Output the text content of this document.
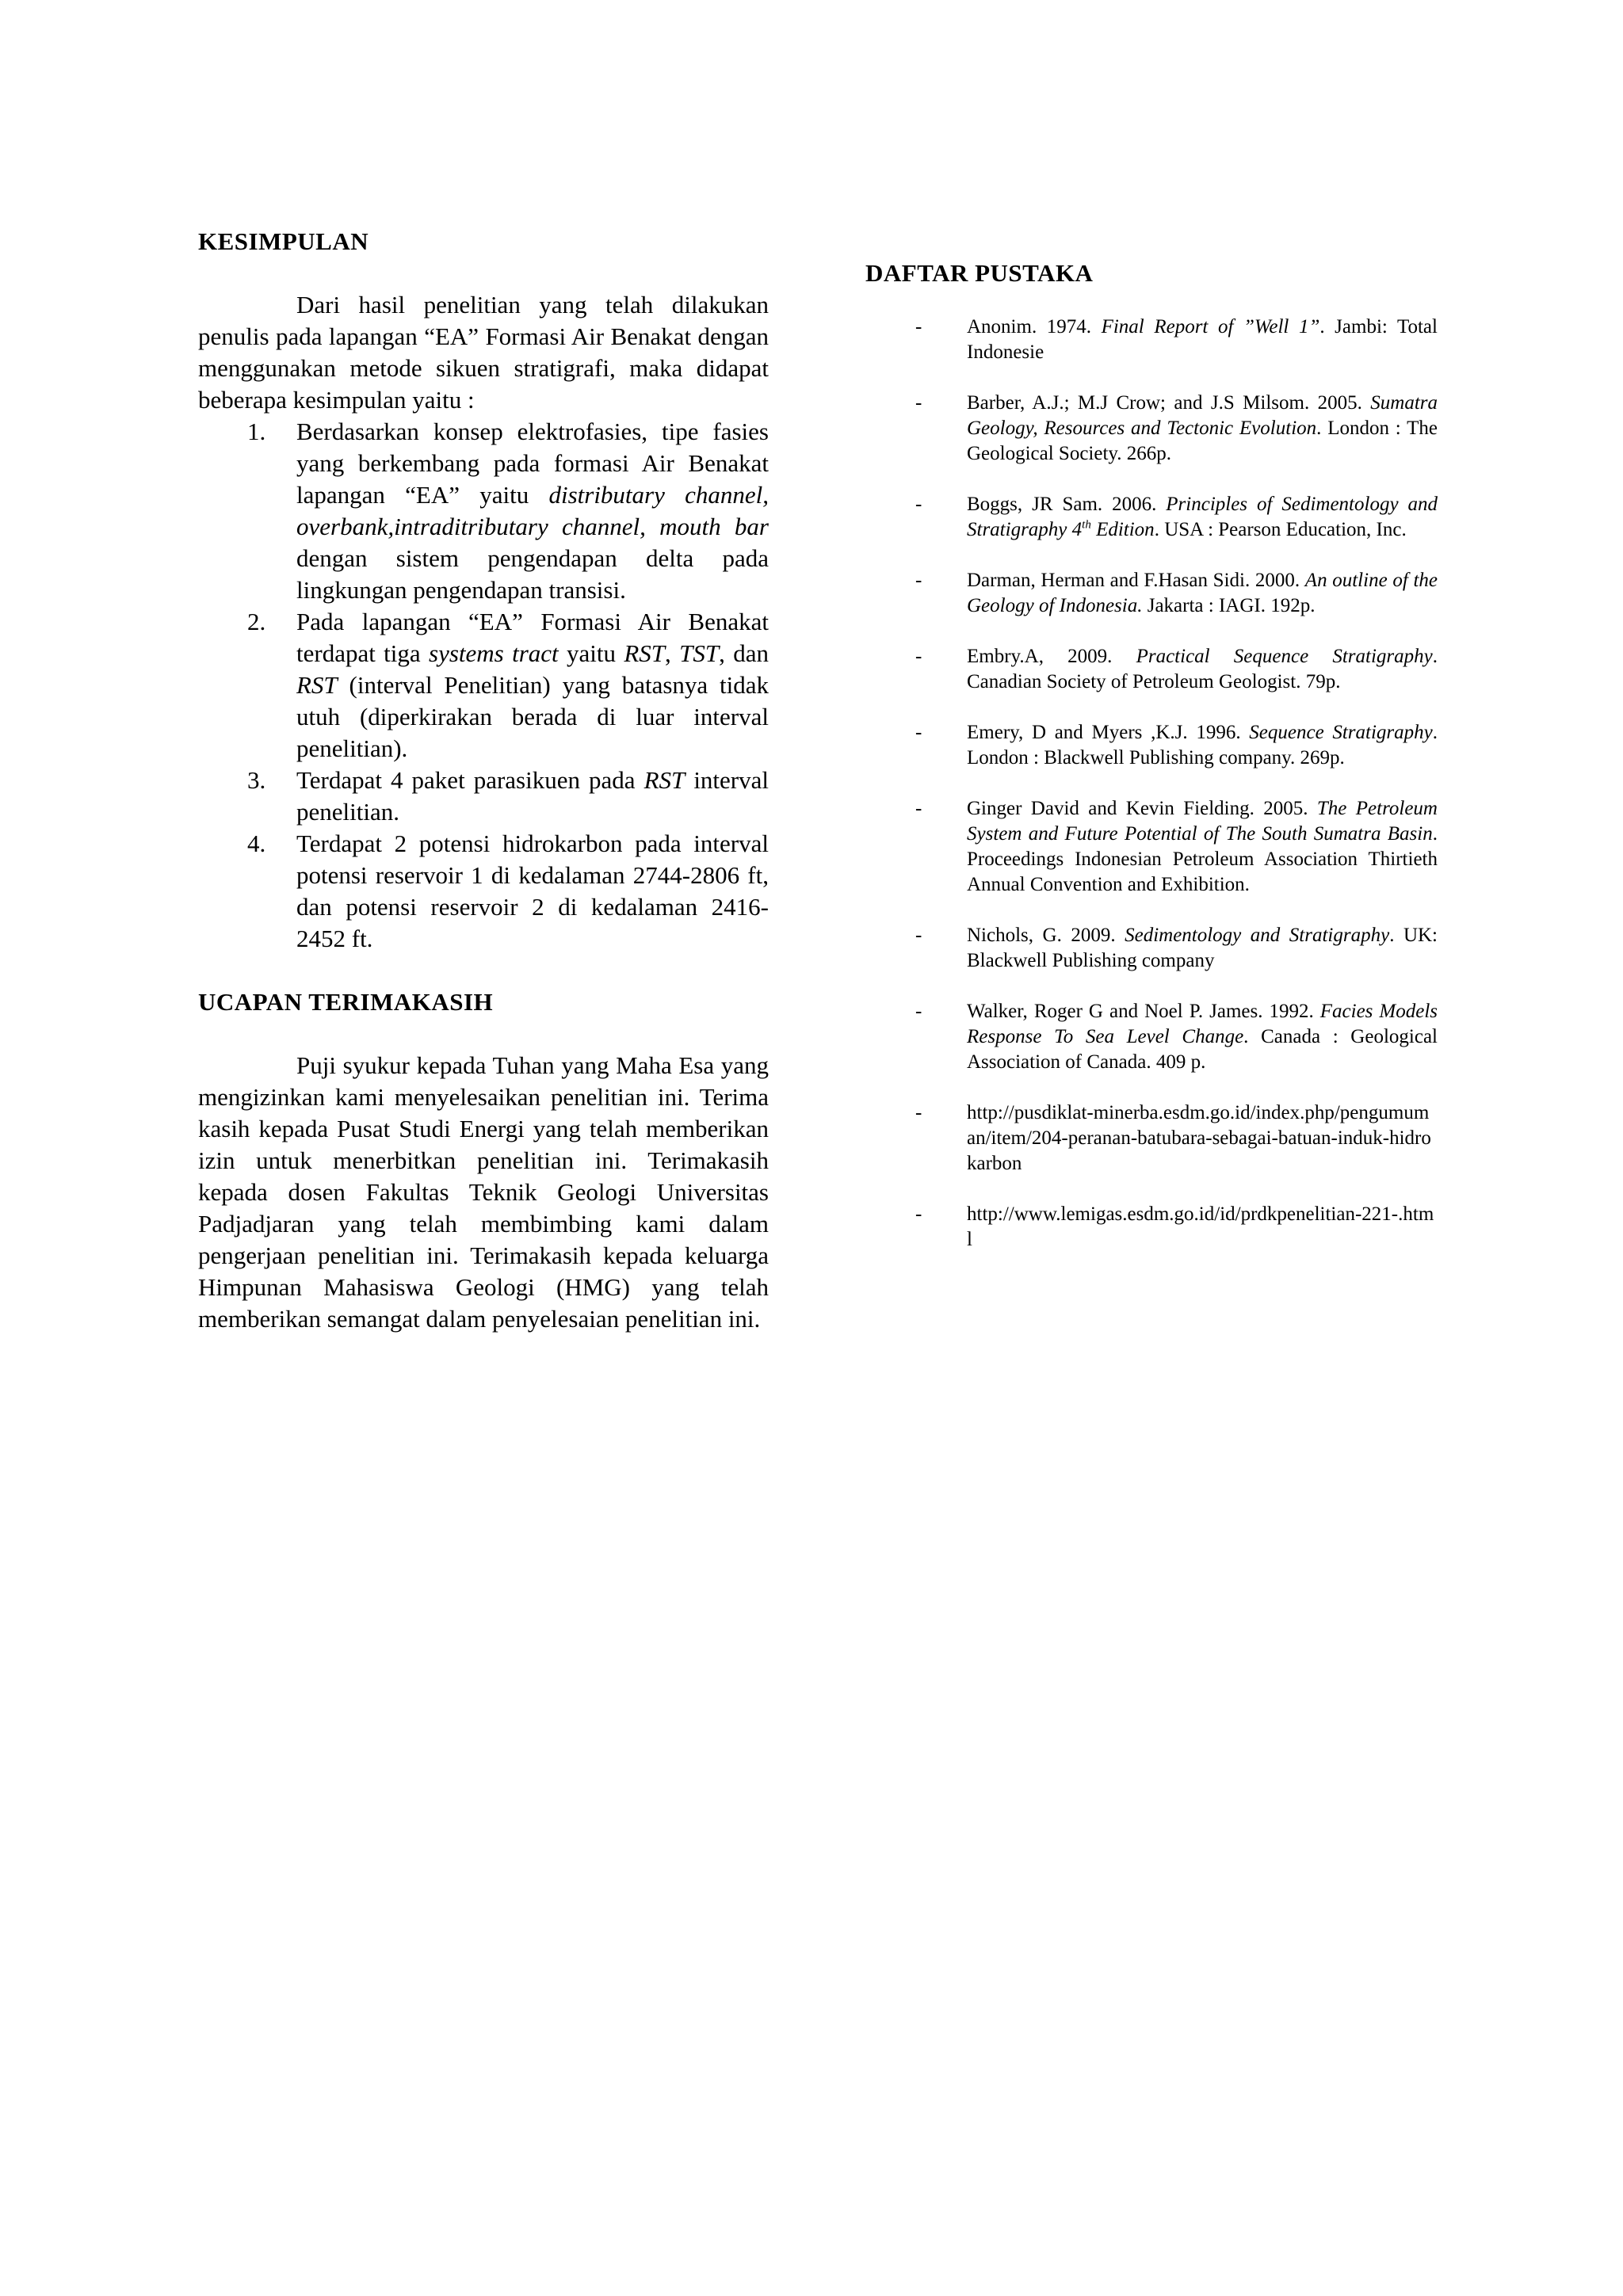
KESIMPULAN

Dari hasil penelitian yang telah dilakukan penulis pada lapangan “EA” Formasi Air Benakat dengan menggunakan metode sikuen stratigrafi, maka didapat beberapa kesimpulan yaitu :

1. Berdasarkan konsep elektrofasies, tipe fasies yang berkembang pada formasi Air Benakat lapangan “EA” yaitu distributary channel, overbank,intraditributary channel, mouth bar dengan sistem pengendapan delta pada lingkungan pengendapan transisi.
2. Pada lapangan “EA” Formasi Air Benakat terdapat tiga systems tract yaitu RST, TST, dan RST (interval Penelitian) yang batasnya tidak utuh (diperkirakan berada di luar interval penelitian).
3. Terdapat 4 paket parasikuen pada RST interval penelitian.
4. Terdapat 2 potensi hidrokarbon pada interval potensi reservoir 1 di kedalaman 2744-2806 ft, dan potensi reservoir 2 di kedalaman 2416-2452 ft.
UCAPAN TERIMAKASIH

Puji syukur kepada Tuhan yang Maha Esa yang mengizinkan kami menyelesaikan penelitian ini. Terima kasih kepada Pusat Studi Energi yang telah memberikan izin untuk menerbitkan penelitian ini. Terimakasih kepada dosen Fakultas Teknik Geologi Universitas Padjadjaran yang telah membimbing kami dalam pengerjaan penelitian ini. Terimakasih kepada keluarga Himpunan Mahasiswa Geologi (HMG) yang telah memberikan semangat dalam penyelesaian penelitian ini.

DAFTAR PUSTAKA
- Anonim. 1974. Final Report of ”Well 1”. Jambi: Total Indonesie
- Barber, A.J.; M.J Crow; and J.S Milsom. 2005. Sumatra Geology, Resources and Tectonic Evolution. London : The Geological Society. 266p.
- Boggs, JR Sam. 2006. Principles of Sedimentology and Stratigraphy 4th Edition. USA : Pearson Education, Inc.
- Darman, Herman and F.Hasan Sidi. 2000. An outline of the Geology of Indonesia. Jakarta : IAGI. 192p.
- Embry.A, 2009. Practical Sequence Stratigraphy. Canadian Society of Petroleum Geologist. 79p.
- Emery, D and Myers ,K.J. 1996. Sequence Stratigraphy. London : Blackwell Publishing company. 269p.
- Ginger David and Kevin Fielding. 2005. The Petroleum System and Future Potential of The South Sumatra Basin. Proceedings Indonesian Petroleum Association Thirtieth Annual Convention and Exhibition.
- Nichols, G. 2009. Sedimentology and Stratigraphy. UK: Blackwell Publishing company
- Walker, Roger G and Noel P. James. 1992. Facies Models Response To Sea Level Change. Canada : Geological Association of Canada. 409 p.
- http://pusdiklat-minerba.esdm.go.id/index.php/pengumuman/item/204-peranan-batubara-sebagai-batuan-induk-hidrokarbon
- http://www.lemigas.esdm.go.id/id/prdkpenelitian-221-.html
